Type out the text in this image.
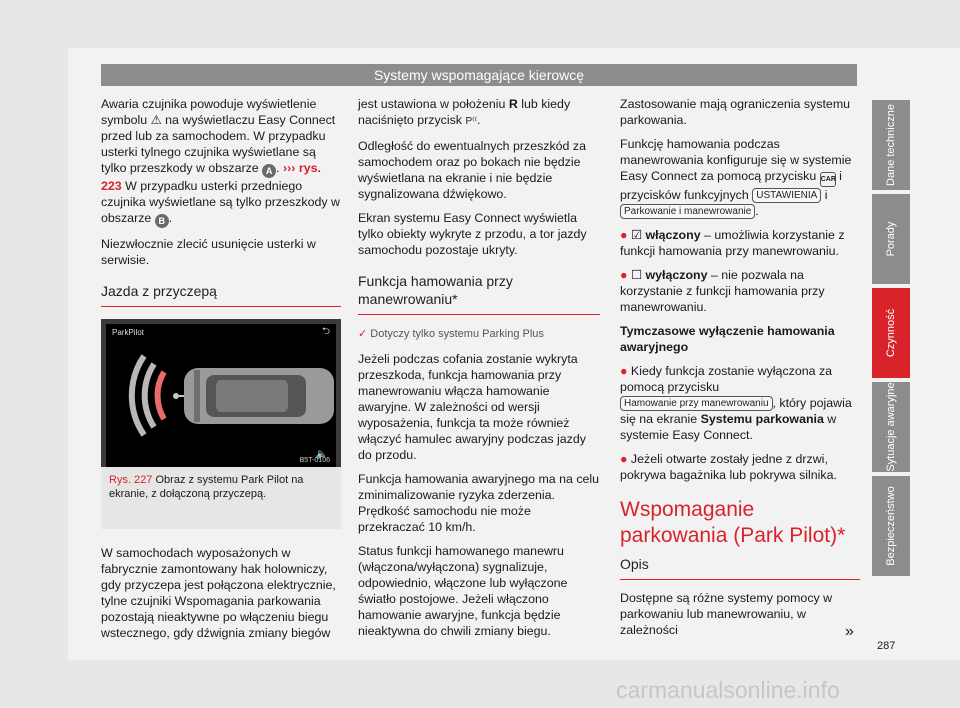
Systemy wspomagające kierowcę

Awaria czujnika powoduje wyświetlenie symbolu ⚠ na wyświetlaczu Easy Connect przed lub za samochodem. W przypadku usterki tylnego czujnika wyświetlane są tylko przeszkody w obszarze A . ››› rys. 223 W przypadku usterki przedniego czujnika wyświetlane są tylko przeszkody w obszarze B .

Niezwłocznie zlecić usunięcie usterki w serwisie.

Jazda z przyczepą
ParkPilot	⮌
🔈
B5T-0106
Rys. 227 Obraz z systemu Park Pilot na ekranie, z dołączoną przyczepą.

W samochodach wyposażonych w fabrycznie zamontowany hak holowniczy, gdy przyczepa jest połączona elektrycznie, tylne czujniki Wspomagania parkowania pozostają nieaktywne po włączeniu biegu wstecznego, gdy dźwignia zmiany biegów

jest ustawiona w położeniu R lub kiedy naciśnięto przycisk P⁽⁽.

Odległość do ewentualnych przeszkód za samochodem oraz po bokach nie będzie wyświetlana na ekranie i nie będzie sygnalizowana dźwiękowo.

Ekran systemu Easy Connect wyświetla tylko obiekty wykryte z przodu, a tor jazdy samochodu pozostaje ukryty.

Funkcja hamowania przy manewrowaniu*
✓ Dotyczy tylko systemu Parking Plus

Jeżeli podczas cofania zostanie wykryta przeszkoda, funkcja hamowania przy manewrowaniu włącza hamowanie awaryjne. W zależności od wersji wyposażenia, funkcja ta może również włączyć hamulec awaryjny podczas jazdy do przodu.

Funkcja hamowania awaryjnego ma na celu zminimalizowanie ryzyka zderzenia. Prędkość samochodu nie może przekraczać 10 km/h.

Status funkcji hamowanego manewru (włączona/wyłączona) sygnalizuje, odpowiednio, włączone lub wyłączone światło postojowe. Jeżeli włączono hamowanie awaryjne, funkcja będzie nieaktywna do chwili zmiany biegu.

Zastosowanie mają ograniczenia systemu parkowania.

Funkcję hamowania podczas manewrowania konfiguruje się w systemie Easy Connect za pomocą przycisku CAR i przycisków funkcyjnych USTAWIENIA i Parkowanie i manewrowanie .

● ☑ włączony – umożliwia korzystanie z funkcji hamowania przy manewrowaniu.

● ☐ wyłączony – nie pozwala na korzystanie z funkcji hamowania przy manewrowaniu.

Tymczasowe wyłączenie hamowania awaryjnego

● Kiedy funkcja zostanie wyłączona za pomocą przycisku Hamowanie przy manewrowaniu , który pojawia się na ekranie Systemu parkowania w systemie Easy Connect.

● Jeżeli otwarte zostały jedne z drzwi, pokrywa bagażnika lub pokrywa silnika.

Wspomaganie parkowania (Park Pilot)*
Opis

Dostępne są różne systemy pomocy w parkowaniu lub manewrowaniu, w zależności	»
Dane techniczne
Porady
Czynność
Sytuacje awaryjne
Bezpieczeństwo
287
carmanualsonline.info
